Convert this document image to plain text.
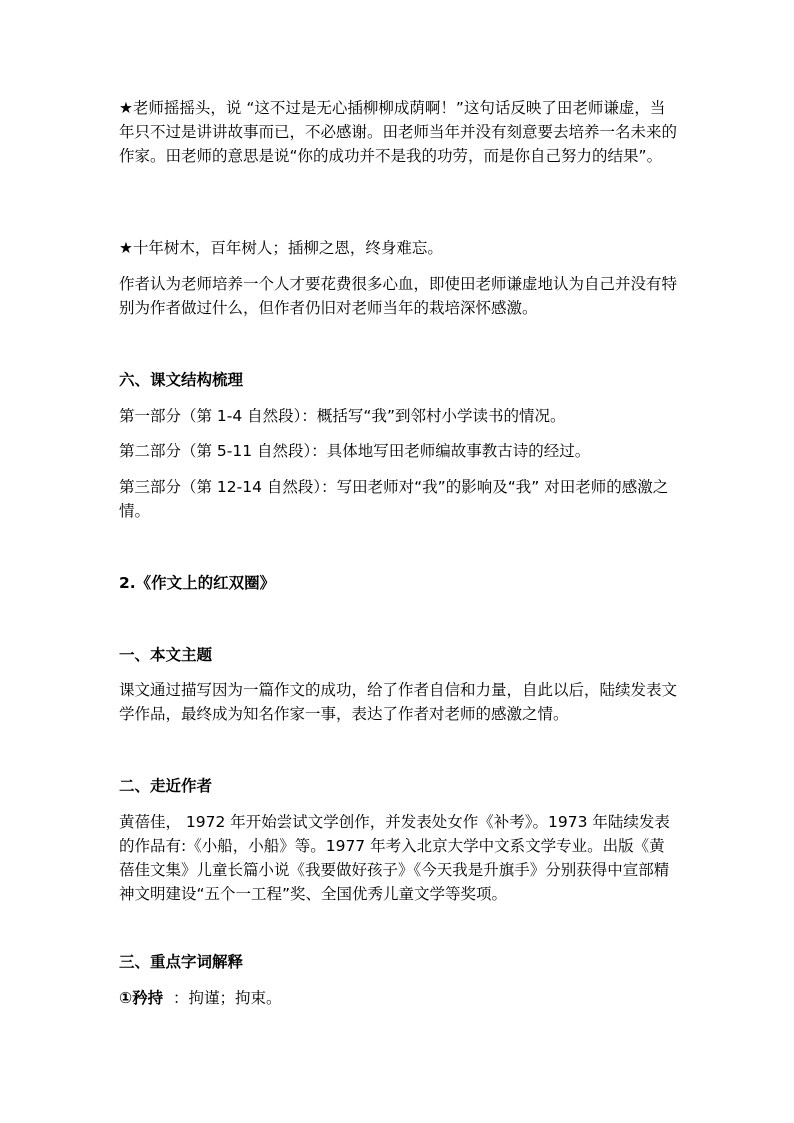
★老师摇摇头，说 “这不过是无心插柳柳成荫啊！”这句话反映了田老师谦虚，当年只不过是讲讲故事而已，不必感谢。田老师当年并没有刻意要去培养一名未来的作家。田老师的意思是说“你的成功并不是我的功劳，而是你自己努力的结果”。

★十年树木，百年树人；插柳之恩，终身难忘。

作者认为老师培养一个人才要花费很多心血，即使田老师谦虚地认为自己并没有特别为作者做过什么，但作者仍旧对老师当年的栽培深怀感激。

六、课文结构梳理

第一部分（第 1-4 自然段）：概括写“我”到邻村小学读书的情况。

第二部分（第 5-11 自然段）：具体地写田老师编故事教古诗的经过。

第三部分（第 12-14 自然段）：写田老师对“我”的影响及“我” 对田老师的感激之情。

2.《作文上的红双圈》

一、本文主题

课文通过描写因为一篇作文的成功，给了作者自信和力量，自此以后，陆续发表文学作品，最终成为知名作家一事，表达了作者对老师的感激之情。

二、走近作者

黄蓓佳， 1972 年开始尝试文学创作，并发表处女作《补考》。1973 年陆续发表的作品有:《小船，小船》等。1977 年考入北京大学中文系文学专业。出版《黄蓓佳文集》儿童长篇小说《我要做好孩子》《今天我是升旗手》分别获得中宣部精神文明建设“五个一工程”奖、全国优秀儿童文学等奖项。

三、重点字词解释

①矜持 ：拘谨；拘束。
